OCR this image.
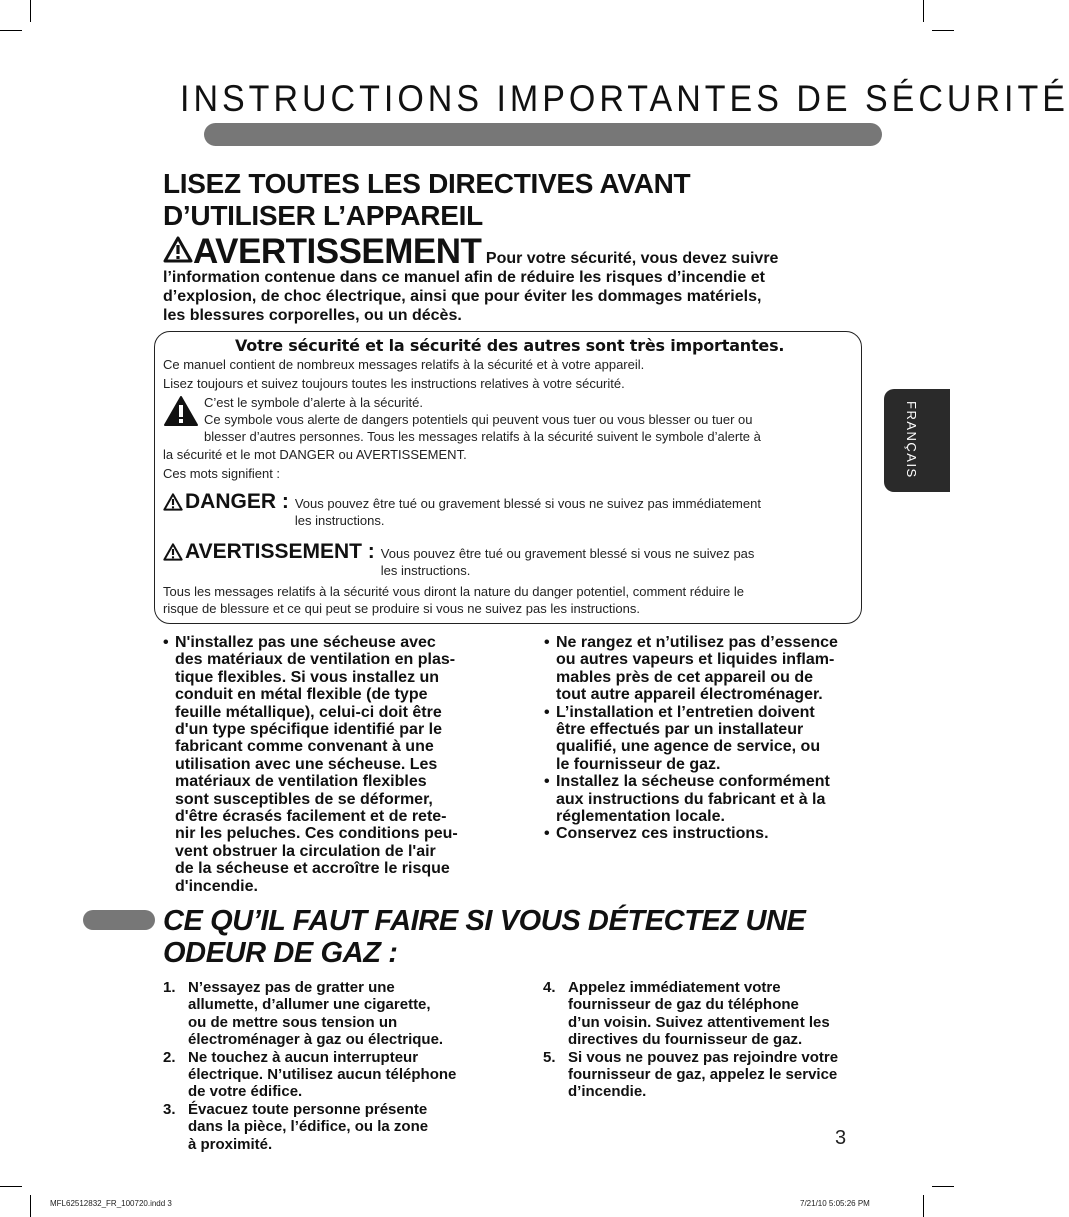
INSTRUCTIONS IMPORTANTES DE SÉCURITÉ
LISEZ TOUTES LES DIRECTIVES AVANT
D’UTILISER L’APPAREIL
AVERTISSEMENT Pour votre sécurité, vous devez suivre
l’information contenue dans ce manuel afin de réduire les risques d’incendie et
d’explosion, de choc électrique, ainsi que pour éviter les dommages matériels,
les blessures corporelles, ou un décès.
Votre sécurité et la sécurité des autres sont très importantes.
Ce manuel contient de nombreux messages relatifs à la sécurité et à votre appareil.
Lisez toujours et suivez toujours toutes les instructions relatives à votre sécurité.
C’est le symbole d’alerte à la sécurité.
Ce symbole vous alerte de dangers potentiels qui peuvent vous tuer ou vous blesser ou tuer ou
blesser d’autres personnes. Tous les messages relatifs à la sécurité suivent le symbole d’alerte à
la sécurité et le mot DANGER ou AVERTISSEMENT.
Ces mots signifient :
DANGER : Vous pouvez être tué ou gravement blessé si vous ne suivez pas immédiatement
les instructions.
AVERTISSEMENT : Vous pouvez être tué ou gravement blessé si vous ne suivez pas
les instructions.
Tous les messages relatifs à la sécurité vous diront la nature du danger potentiel, comment réduire le
risque de blessure et ce qui peut se produire si vous ne suivez pas les instructions.
• N'installez pas une sécheuse avec
des matériaux de ventilation en plas-
tique flexibles. Si vous installez un
conduit en métal flexible (de type
feuille métallique), celui-ci doit être
d'un type spécifique identifié par le
fabricant comme convenant à une
utilisation avec une sécheuse. Les
matériaux de ventilation flexibles
sont susceptibles de se déformer,
d'être écrasés facilement et de rete-
nir les peluches. Ces conditions peu-
vent obstruer la circulation de l'air
de la sécheuse et accroître le risque
d'incendie.
• Ne rangez et n’utilisez pas d’essence
ou autres vapeurs et liquides inflam-
mables près de cet appareil ou de
tout autre appareil électroménager.
• L’installation et l’entretien doivent
être effectués par un installateur
qualifié, une agence de service, ou
le fournisseur de gaz.
• Installez la sécheuse conformément
aux instructions du fabricant et à la
réglementation locale.
• Conservez ces instructions.
CE QU’IL FAUT FAIRE SI VOUS DÉTECTEZ UNE
ODEUR DE GAZ :
1. N’essayez pas de gratter une
allumette, d’allumer une cigarette,
ou de mettre sous tension un
électroménager à gaz ou électrique.
2. Ne touchez à aucun interrupteur
électrique. N’utilisez aucun téléphone
de votre édifice.
3. Évacuez toute personne présente
dans la pièce, l’édifice, ou la zone
à proximité.
4. Appelez immédiatement votre
fournisseur de gaz du téléphone
d’un voisin. Suivez attentivement les
directives du fournisseur de gaz.
5. Si vous ne pouvez pas rejoindre votre
fournisseur de gaz, appelez le service
d’incendie.
FRANÇAIS
3
MFL62512832_FR_100720.indd 3	7/21/10 5:05:26 PM
